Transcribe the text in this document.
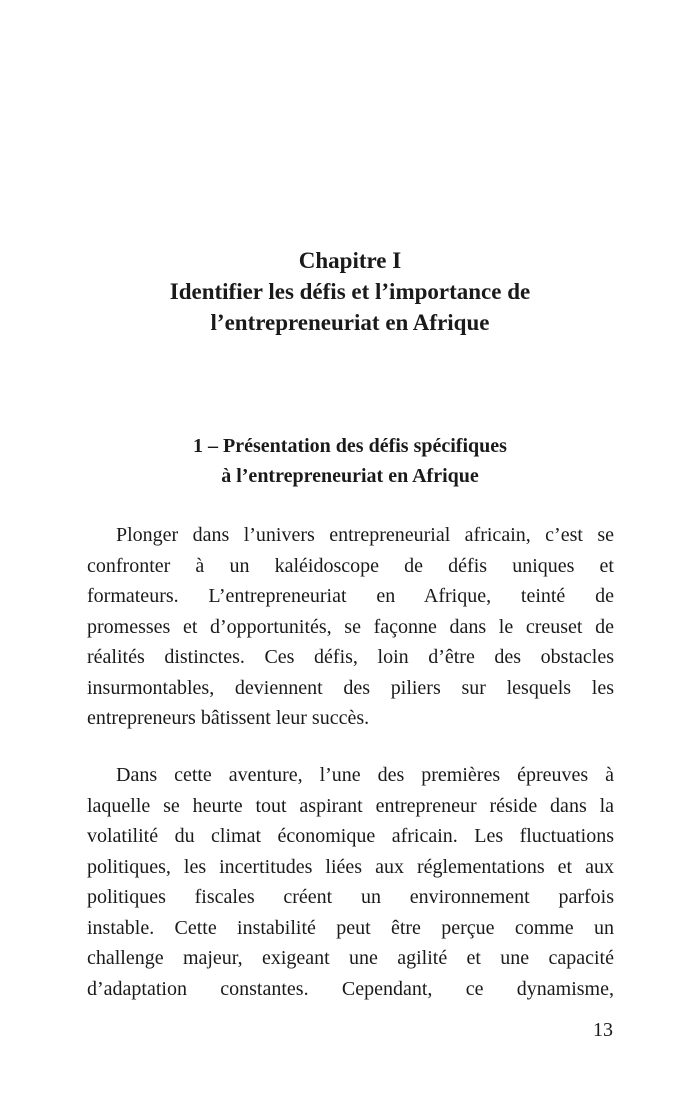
Chapitre I
Identifier les défis et l’importance de
l’entrepreneuriat en Afrique
1 – Présentation des défis spécifiques
à l’entrepreneuriat en Afrique
Plonger dans l’univers entrepreneurial africain, c’est se
confronter à un kaléidoscope de défis uniques et
formateurs. L’entrepreneuriat en Afrique, teinté de
promesses et d’opportunités, se façonne dans le creuset de
réalités distinctes. Ces défis, loin d’être des obstacles
insurmontables, deviennent des piliers sur lesquels les
entrepreneurs bâtissent leur succès.
Dans cette aventure, l’une des premières épreuves à
laquelle se heurte tout aspirant entrepreneur réside dans la
volatilité du climat économique africain. Les fluctuations
politiques, les incertitudes liées aux réglementations et aux
politiques fiscales créent un environnement parfois
instable. Cette instabilité peut être perçue comme un
challenge majeur, exigeant une agilité et une capacité
d’adaptation constantes. Cependant, ce dynamisme,
13
